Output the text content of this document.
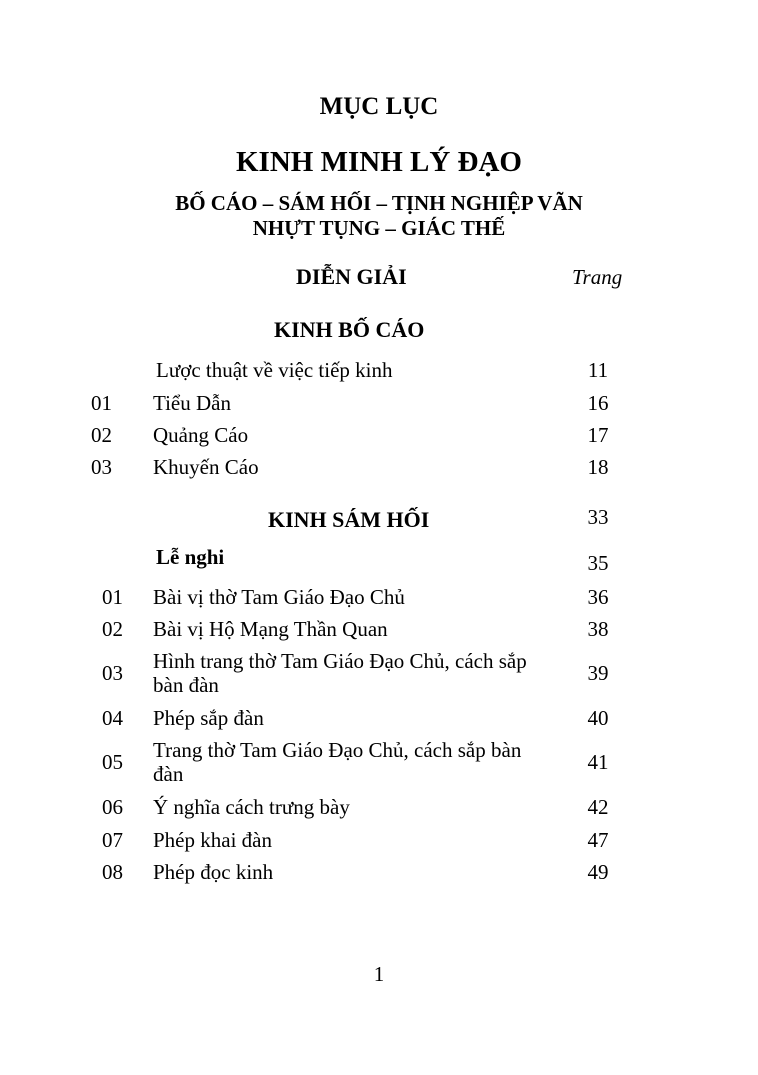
MỤC LỤC
KINH MINH LÝ ĐẠO
BỐ CÁO – SÁM HỐI – TỊNH NGHIỆP VÃN
NHỰT TỤNG – GIÁC THẾ
DIỄN GIẢI	Trang
KINH BỐ CÁO
Lược thuật về việc tiếp kinh	11
01	Tiểu Dẫn	16
02	Quảng Cáo	17
03	Khuyến Cáo	18
KINH SÁM HỐI	33
Lễ nghi	35
01 Bài vị thờ Tam Giáo Đạo Chủ	36
02 Bài vị Hộ Mạng Thần Quan	38
03 Hình trang thờ Tam Giáo Đạo Chủ, cách sắp bàn đàn	39
04 Phép sắp đàn	40
05 Trang thờ Tam Giáo Đạo Chủ, cách sắp bàn đàn	41
06 Ý nghĩa cách trưng bày	42
07 Phép khai đàn	47
08 Phép đọc kinh	49
1
